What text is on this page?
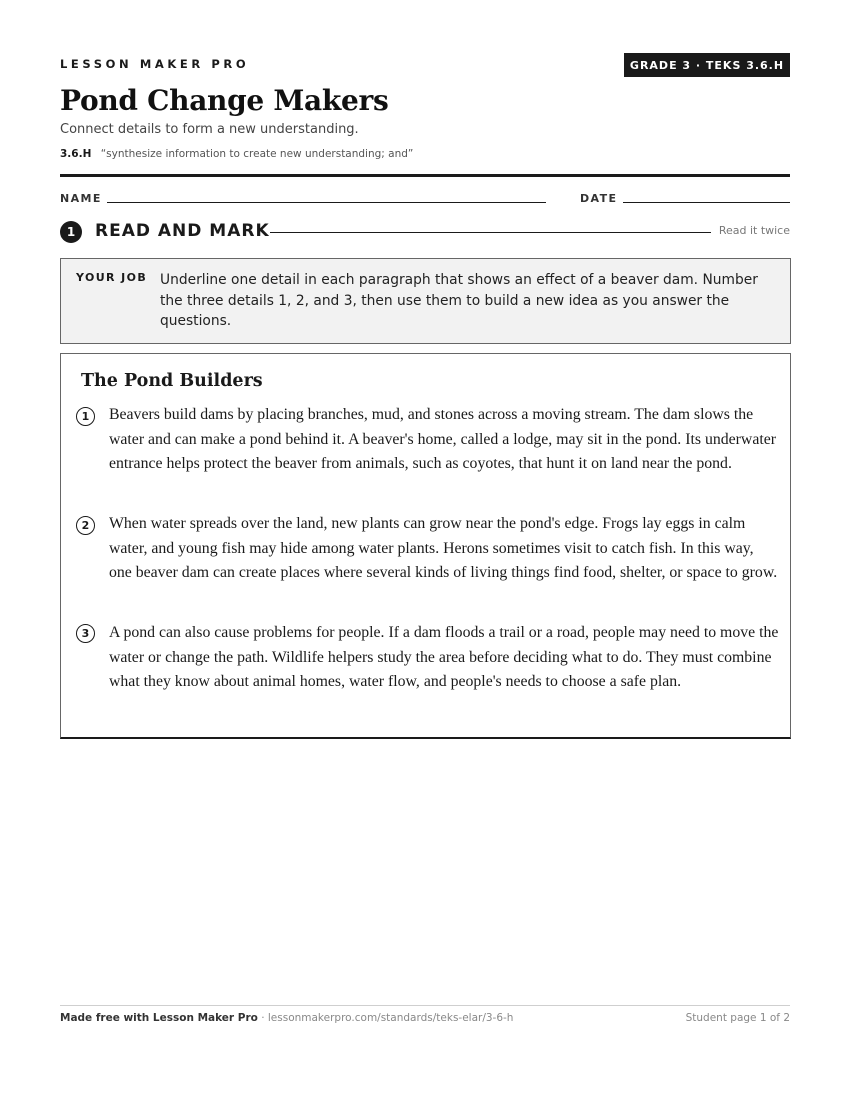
LESSON MAKER PRO	GRADE 3 · TEKS 3.6.H
Pond Change Makers
Connect details to form a new understanding.
3.6.H “synthesize information to create new understanding; and”
NAME	DATE
1	READ AND MARK	Read it twice
YOUR JOB Underline one detail in each paragraph that shows an effect of a beaver dam. Number the three details 1, 2, and 3, then use them to build a new idea as you answer the questions.
The Pond Builders
1	Beavers build dams by placing branches, mud, and stones across a moving stream. The dam slows the water and can make a pond behind it. A beaver's home, called a lodge, may sit in the pond. Its underwater entrance helps protect the beaver from animals, such as coyotes, that hunt it on land near the pond.

2	When water spreads over the land, new plants can grow near the pond's edge. Frogs lay eggs in calm water, and young fish may hide among water plants. Herons sometimes visit to catch fish. In this way, one beaver dam can create places where several kinds of living things find food, shelter, or space to grow.

3	A pond can also cause problems for people. If a dam floods a trail or a road, people may need to move the water or change the path. Wildlife helpers study the area before deciding what to do. They must combine what they know about animal homes, water flow, and people's needs to choose a safe plan.

Made free with Lesson Maker Pro · lessonmakerpro.com/standards/teks-elar/3-6-h	Student page 1 of 2
